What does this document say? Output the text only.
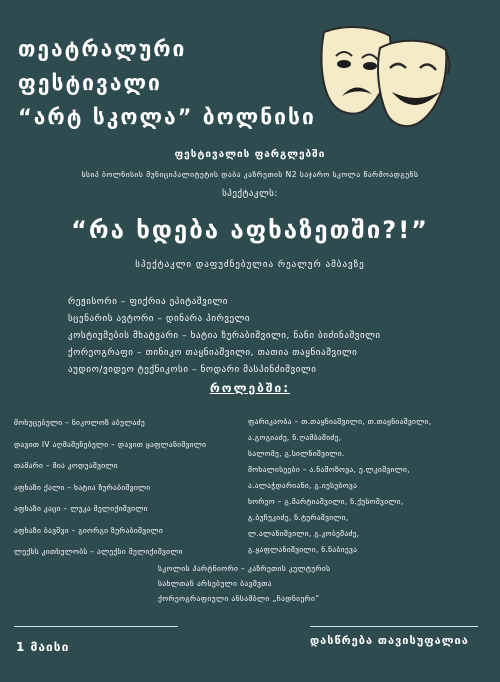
თეატრალური
ფესტივალი
“არტ სკოლა” ბოლნისი
ფესტივალის ფარგლებში
სსიპ ბოლნისის მუნიციპალიტეტის დაბა კაზრეთის N2 საჯარო სკოლა წარმოადგენს
სპექტაკლს:
“რა ხდება აფხაზეთში?!”
სპექტაკლი დაფუძნებულია რეალურ ამბავზე
რეჟისორი – ფიქრია ეპიტაშვილი
სცენარის ავტორი – დინარა პირველი
კოსტიუმების მხატვარი – ხატია ზურაბიშვილი, ნანი ბიძინაშვილი
ქორეოგრაფი – თინიკო თაყნიაშვილი, თათია თაყნიაშვილი
აუდიო/ვიდეო ტექნიკოსი – ნოდარი მასპინძიშვილი
როლებში:
მოხუცებული – ნიკოლოზ აბულაძე
დავით IV აღმაშენებელი – დავით ყაფლანიშვილი
თამარი – მია კოდუაშვილი
აფხაზი ქალი – ხატია ზურაბიშვილი
აფხაზი კაცი – ლუკა მელიქიშვილი
აფხაზი ბავშვი – გიორგი ზურაბიშვილი
ლექსს კითხულობს – ალექსი მელიქიშვილი
ფარიკაობა – თ.თაყნიაშვილი, თ.თაყნიაშვილი,
ა.გოგიაძე, ნ.ღამბაშიძე,
სალომე, გ.სილნიშვილი.
მოხალისეები – ა.ნამოზოვა, ე.ლკიშვილი,
ა.ალაჭდარიანი, გ.იუსუბოვა
ხორეო – გ.მარტიაშვილი, ნ.ქუსოშვილი,
გ.ბუჩუკიძე, ნ.ტურაშვილი,
ლ.ალანიშვილი, გ.კობეშაძე,
გ.ყაფლანიშვილი, ნ.ნაბიევა
სკოლის პარტნიორი – კაზრეთის კულტურის
სახლთან არსებული ბავშვთა
ქორეოგრაფიული ანსამბლი „ჩადნიერი“
1 მაისი	დასწრება თავისუფალია
